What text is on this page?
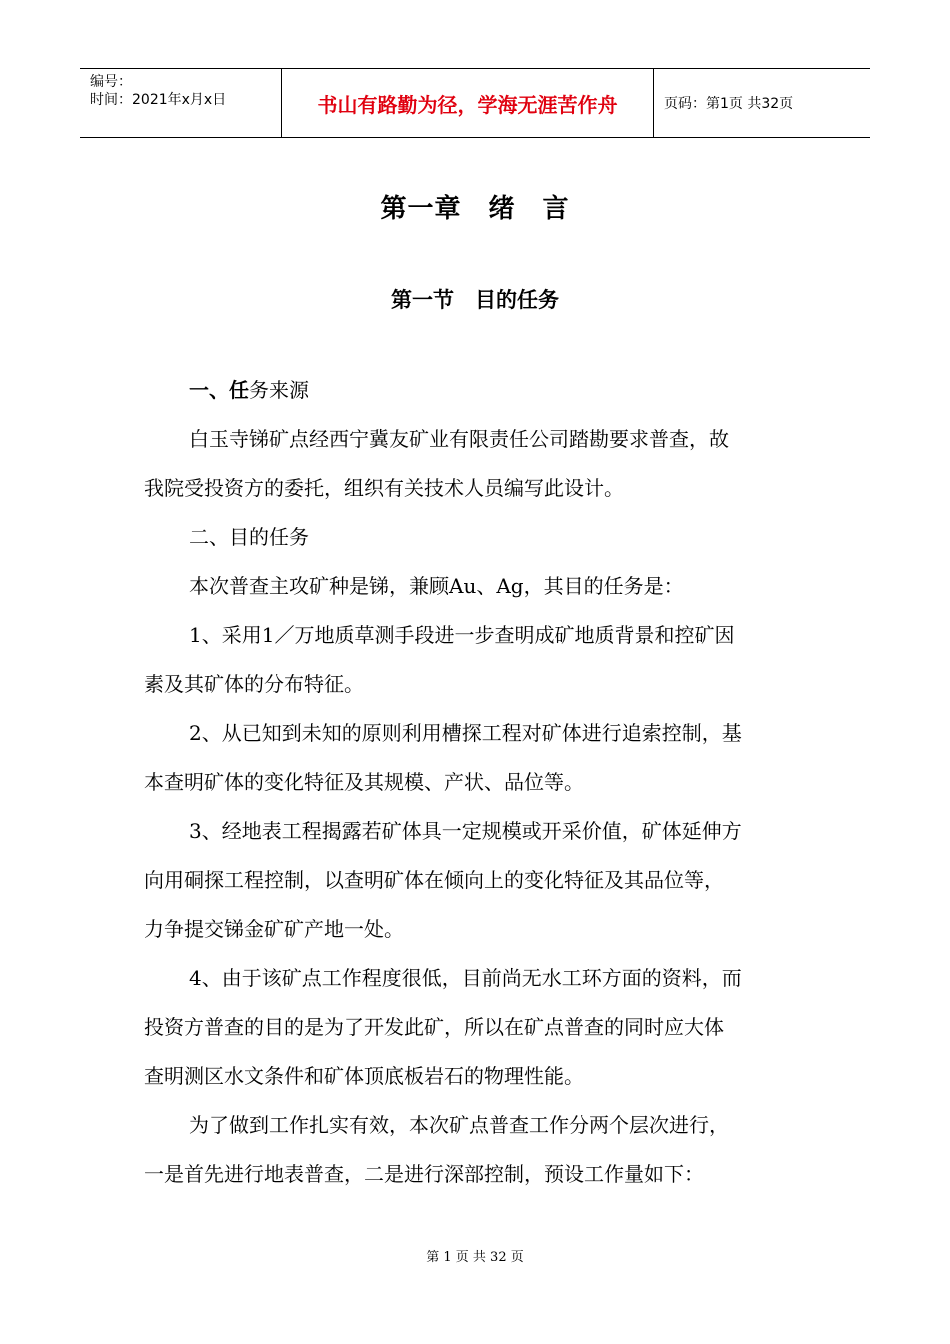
编号：
时间：2021年x月x日	书山有路勤为径，学海无涯苦作舟	页码：第1页 共32页
第一章　绪　言
第一节　目的任务
一、任务来源
白玉寺锑矿点经西宁冀友矿业有限责任公司踏勘要求普查，故
我院受投资方的委托，组织有关技术人员编写此设计。
二、目的任务
本次普查主攻矿种是锑，兼顾Au、Ag，其目的任务是：
1、采用1／万地质草测手段进一步查明成矿地质背景和控矿因
素及其矿体的分布特征。
2、从已知到未知的原则利用槽探工程对矿体进行追索控制，基
本查明矿体的变化特征及其规模、产状、品位等。
3、经地表工程揭露若矿体具一定规模或开采价值，矿体延伸方
向用硐探工程控制，以查明矿体在倾向上的变化特征及其品位等，
力争提交锑金矿矿产地一处。
4、由于该矿点工作程度很低，目前尚无水工环方面的资料，而
投资方普查的目的是为了开发此矿，所以在矿点普查的同时应大体
查明测区水文条件和矿体顶底板岩石的物理性能。
为了做到工作扎实有效，本次矿点普查工作分两个层次进行，
一是首先进行地表普查，二是进行深部控制，预设工作量如下：
第 1 页 共 32 页
